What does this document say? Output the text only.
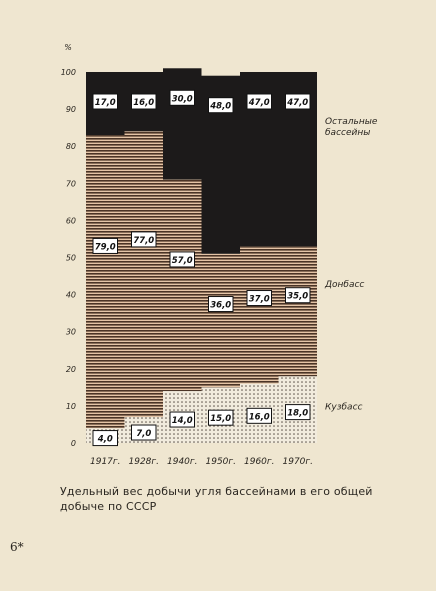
0
10
20
30
40
50
60
70
80
90
100
%
1917г. 1928г. 1940г. 1950г. 1960г. 1970г.
4,0
79,0
17,0
7,0
77,0
16,0
14,0
57,0
30,0
15,0
36,0
48,0
16,0
37,0
47,0
18,0
35,0
47,0
Кузбасс
Донбасс
Остальные бассейны
Удельный вес добычи угля бассейнами в его общей добыче по СССР
6*
